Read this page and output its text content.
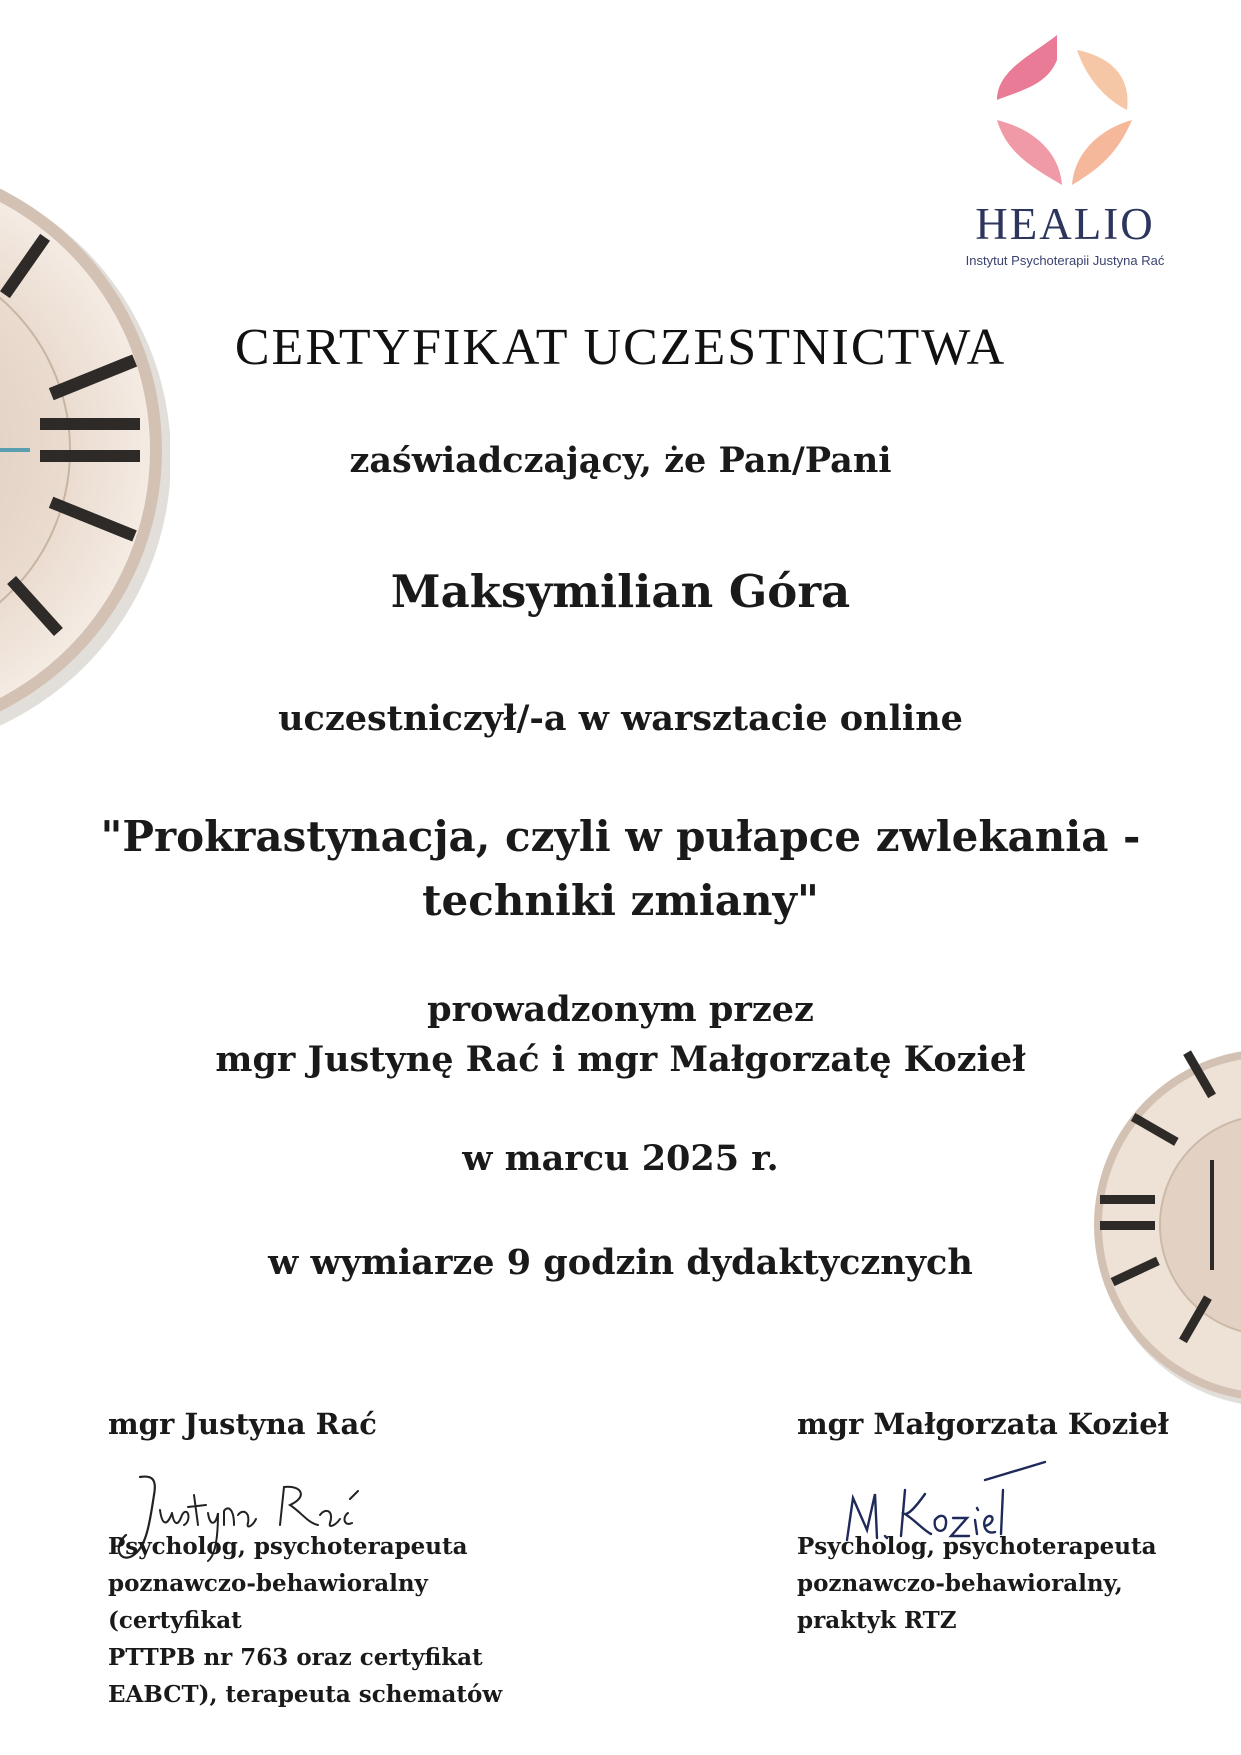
HEALIO
Instytut Psychoterapii Justyna Rać
CERTYFIKAT UCZESTNICTWA
zaświadczający, że Pan/Pani
Maksymilian Góra
uczestniczył/-a w warsztacie online
"Prokrastynacja, czyli w pułapce zwlekania -
techniki zmiany"
prowadzonym przez
mgr Justynę Rać i mgr Małgorzatę Kozieł
w marcu 2025 r.
w wymiarze 9 godzin dydaktycznych
mgr Justyna Rać
Psycholog, psychoterapeuta
poznawczo-behawioralny (certyfikat
PTTPB nr 763 oraz certyfikat
EABCT), terapeuta schematów
mgr Małgorzata Kozieł
Psycholog, psychoterapeuta
poznawczo-behawioralny,
praktyk RTZ
